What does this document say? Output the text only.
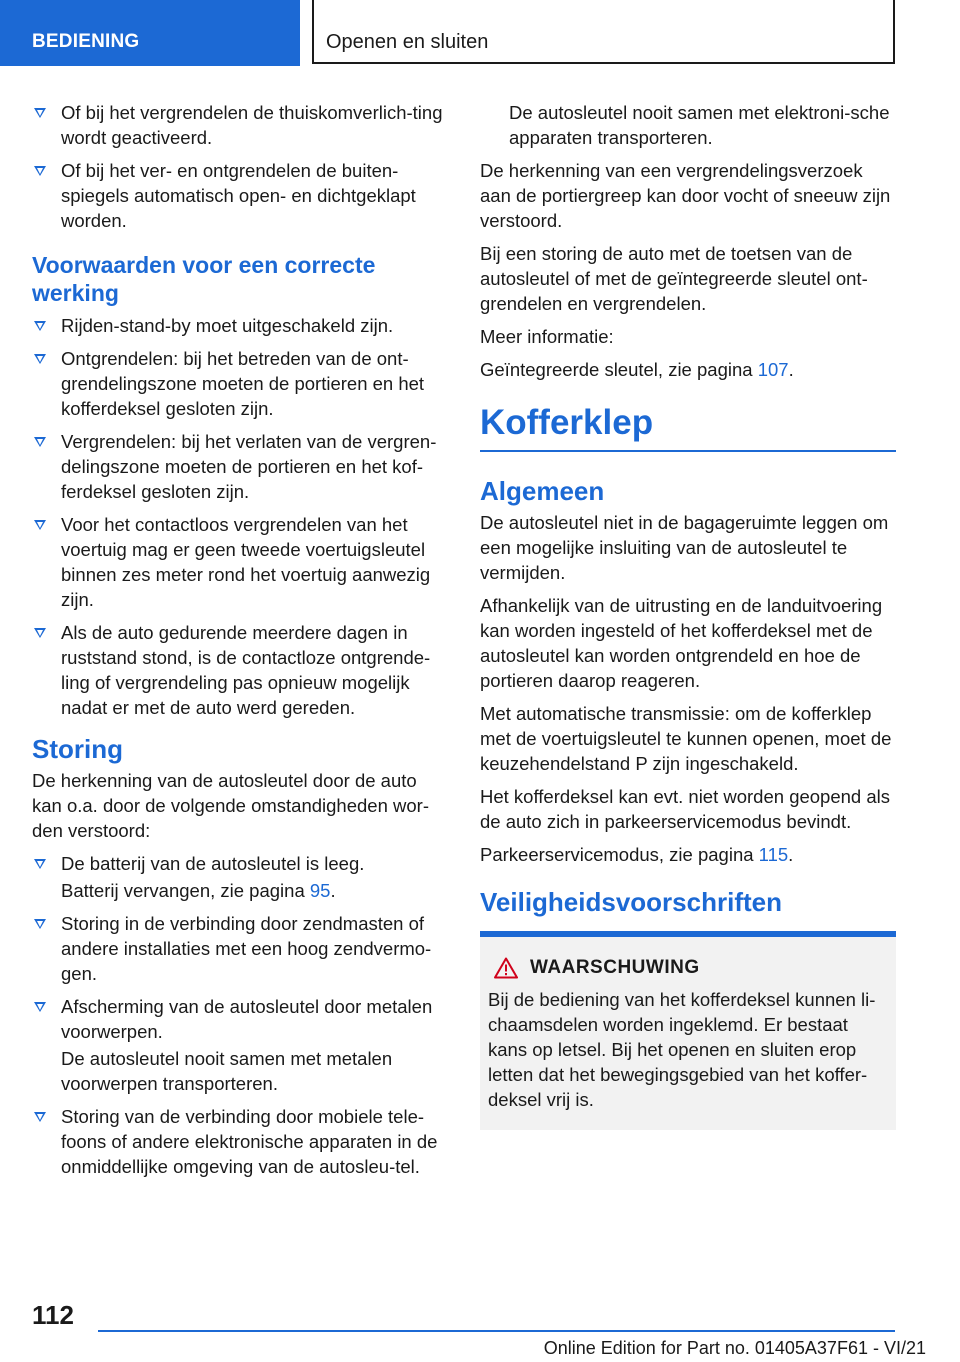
BEDIENING	Openen en sluiten
Of bij het vergrendelen de thuiskomverlich‐ting wordt geactiveerd.
Of bij het ver- en ontgrendelen de buiten‐spiegels automatisch open- en dichtgeklapt worden.
Voorwaarden voor een correcte werking
Rijden-stand-by moet uitgeschakeld zijn.
Ontgrendelen: bij het betreden van de ont‐grendelingszone moeten de portieren en het kofferdeksel gesloten zijn.
Vergrendelen: bij het verlaten van de vergren‐delingszone moeten de portieren en het kof‐ferdeksel gesloten zijn.
Voor het contactloos vergrendelen van het voertuig mag er geen tweede voertuigsleutel binnen zes meter rond het voertuig aanwezig zijn.
Als de auto gedurende meerdere dagen in ruststand stond, is de contactloze ontgrende‐ling of vergrendeling pas opnieuw mogelijk nadat er met de auto werd gereden.
Storing

De herkenning van de autosleutel door de auto kan o.a. door de volgende omstandigheden wor‐den verstoord:

De batterij van de autosleutel is leeg.
Batterij vervangen, zie pagina 95.
Storing in de verbinding door zendmasten of andere installaties met een hoog zendvermo‐gen.
Afscherming van de autosleutel door metalen voorwerpen.
De autosleutel nooit samen met metalen voorwerpen transporteren.
Storing van de verbinding door mobiele tele‐foons of andere elektronische apparaten in de onmiddellijke omgeving van de autosleu‐tel.

De autosleutel nooit samen met elektroni‐sche apparaten transporteren.

De herkenning van een vergrendelingsverzoek aan de portiergreep kan door vocht of sneeuw zijn verstoord.

Bij een storing de auto met de toetsen van de autosleutel of met de geïntegreerde sleutel ont‐grendelen en vergrendelen.

Meer informatie:

Geïntegreerde sleutel, zie pagina 107.

Kofferklep
Algemeen

De autosleutel niet in de bagageruimte leggen om een mogelijke insluiting van de autosleutel te vermijden.

Afhankelijk van de uitrusting en de landuitvoering kan worden ingesteld of het kofferdeksel met de autosleutel kan worden ontgrendeld en hoe de portieren daarop reageren.

Met automatische transmissie: om de kofferklep met de voertuigsleutel te kunnen openen, moet de keuzehendelstand P zijn ingeschakeld.

Het kofferdeksel kan evt. niet worden geopend als de auto zich in parkeerservicemodus bevindt.

Parkeerservicemodus, zie pagina 115.

Veiligheidsvoorschriften
WAARSCHUWING

Bij de bediening van het kofferdeksel kunnen li‐chaamsdelen worden ingeklemd. Er bestaat kans op letsel. Bij het openen en sluiten erop letten dat het bewegingsgebied van het koffer‐deksel vrij is.

112
Online Edition for Part no. 01405A37F61 - VI/21
